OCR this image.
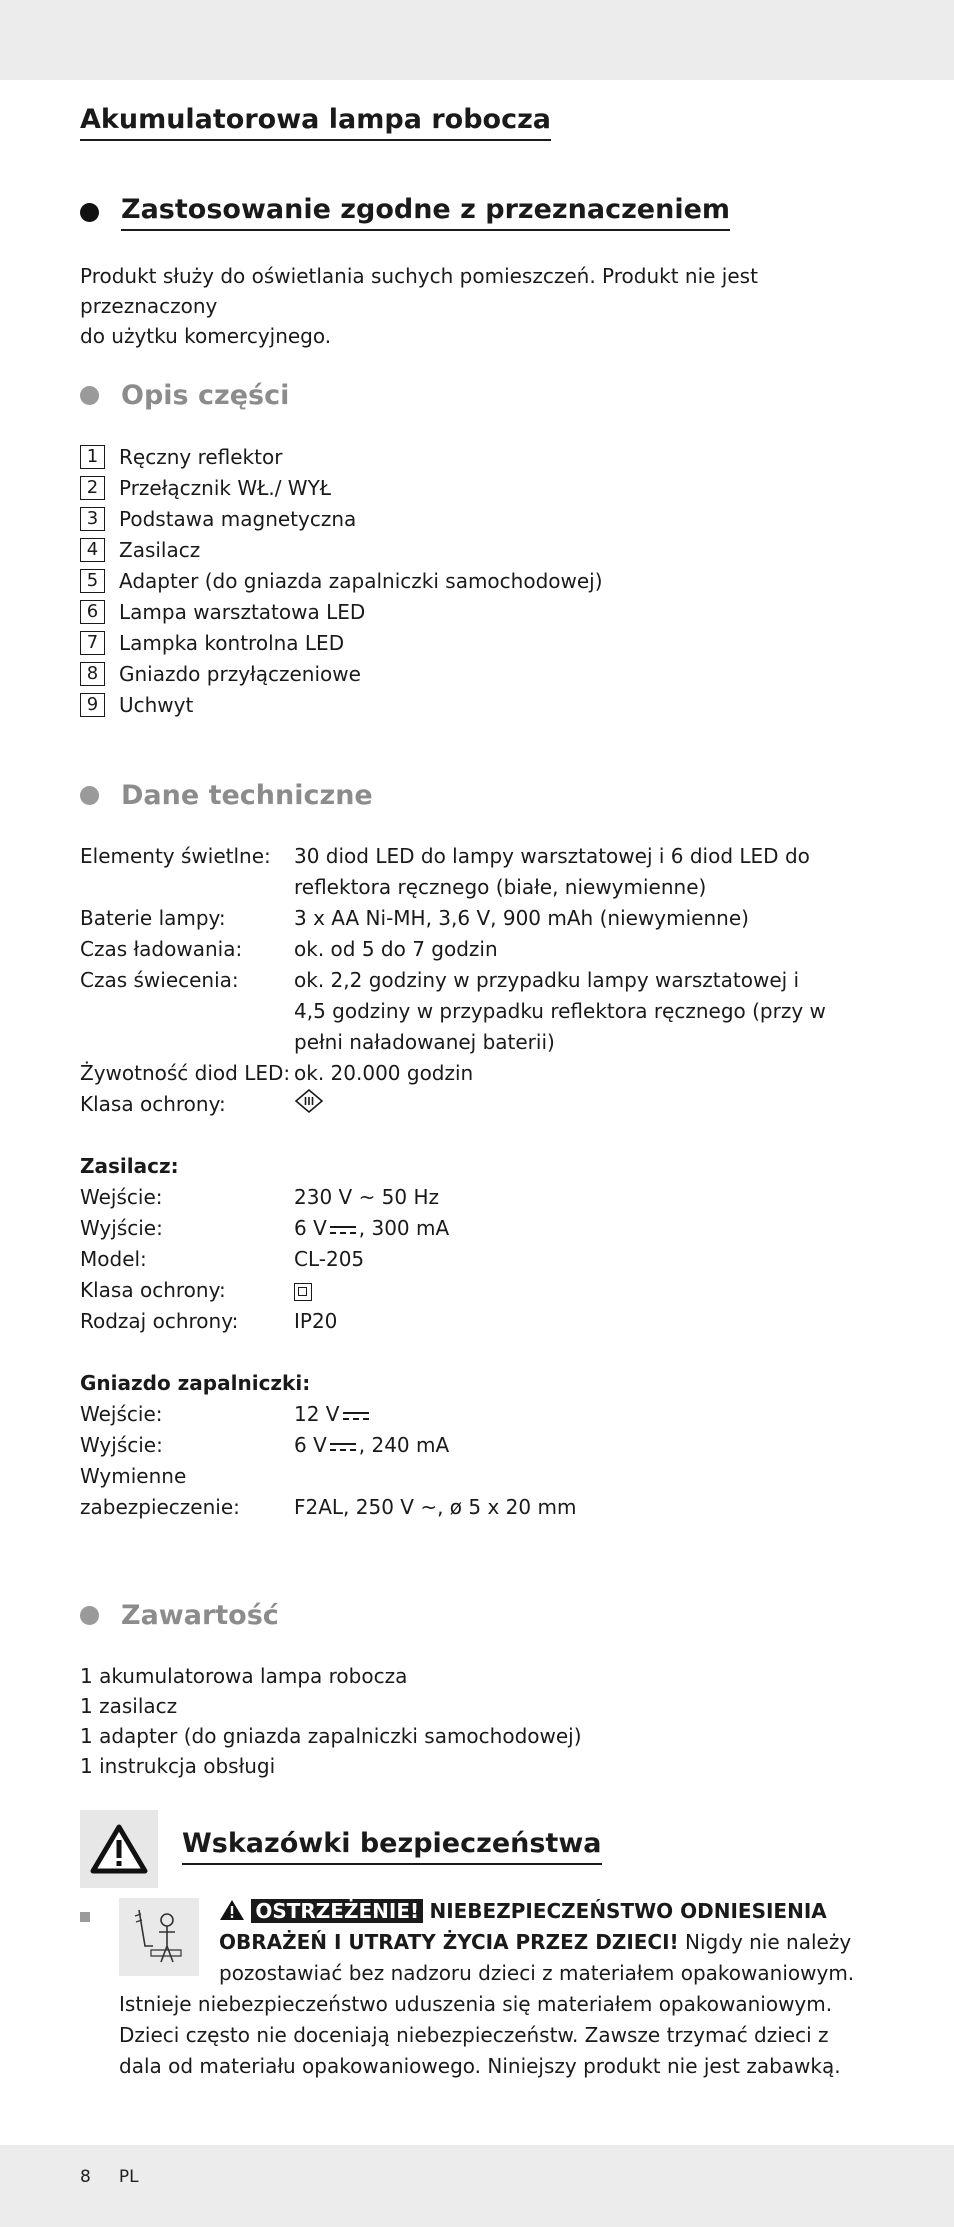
Akumulatorowa lampa robocza
Zastosowanie zgodne z przeznaczeniem

Produkt służy do oświetlania suchych pomieszczeń. Produkt nie jest przeznaczony

do użytku komercyjnego.

Opis części
1	Ręczny reflektor
2	Przełącznik WŁ./ WYŁ
3	Podstawa magnetyczna
4	Zasilacz
5	Adapter (do gniazda zapalniczki samochodowej)
6	Lampa warsztatowa LED
7	Lampka kontrolna LED
8	Gniazdo przyłączeniowe
9	Uchwyt
Dane techniczne
Elementy świetlne:	30 diod LED do lampy warsztatowej i 6 diod LED do
reflektora ręcznego (białe, niewymienne)
Baterie lampy:	3 x AA Ni-MH, 3,6 V, 900 mAh (niewymienne)
Czas ładowania:	ok. od 5 do 7 godzin
Czas świecenia:	ok. 2,2 godziny w przypadku lampy warsztatowej i
4,5 godziny w przypadku reflektora ręcznego (przy w
pełni naładowanej baterii)
Żywotność diod LED: ok. 20.000 godzin
Klasa ochrony:
Zasilacz:
Wejście:	230 V ~ 50 Hz
Wyjście:	6 V , 300 mA
Model:	CL-205
Klasa ochrony:
Rodzaj ochrony:	IP20
Gniazdo zapalniczki:
Wejście:	12 V
Wyjście:	6 V , 240 mA
Wymienne
zabezpieczenie:	F2AL, 250 V ~, ø 5 x 20 mm
Zawartość

1 akumulatorowa lampa robocza

1 zasilacz

1 adapter (do gniazda zapalniczki samochodowej)

1 instrukcja obsługi

Wskazówki bezpieczeństwa
OSTRZEŻENIE! NIEBEZPIECZEŃSTWO ODNIESIENIA OBRAŻEŃ I UTRATY ŻYCIA PRZEZ DZIECI! Nigdy nie należy pozostawiać bez nadzoru dzieci z materiałem opakowaniowym. Istnieje niebezpieczeństwo uduszenia się materiałem opakowaniowym. Dzieci często nie doceniają niebezpieczeństw. Zawsze trzymać dzieci z dala od materiału opakowaniowego. Niniejszy produkt nie jest zabawką.
8 PL
